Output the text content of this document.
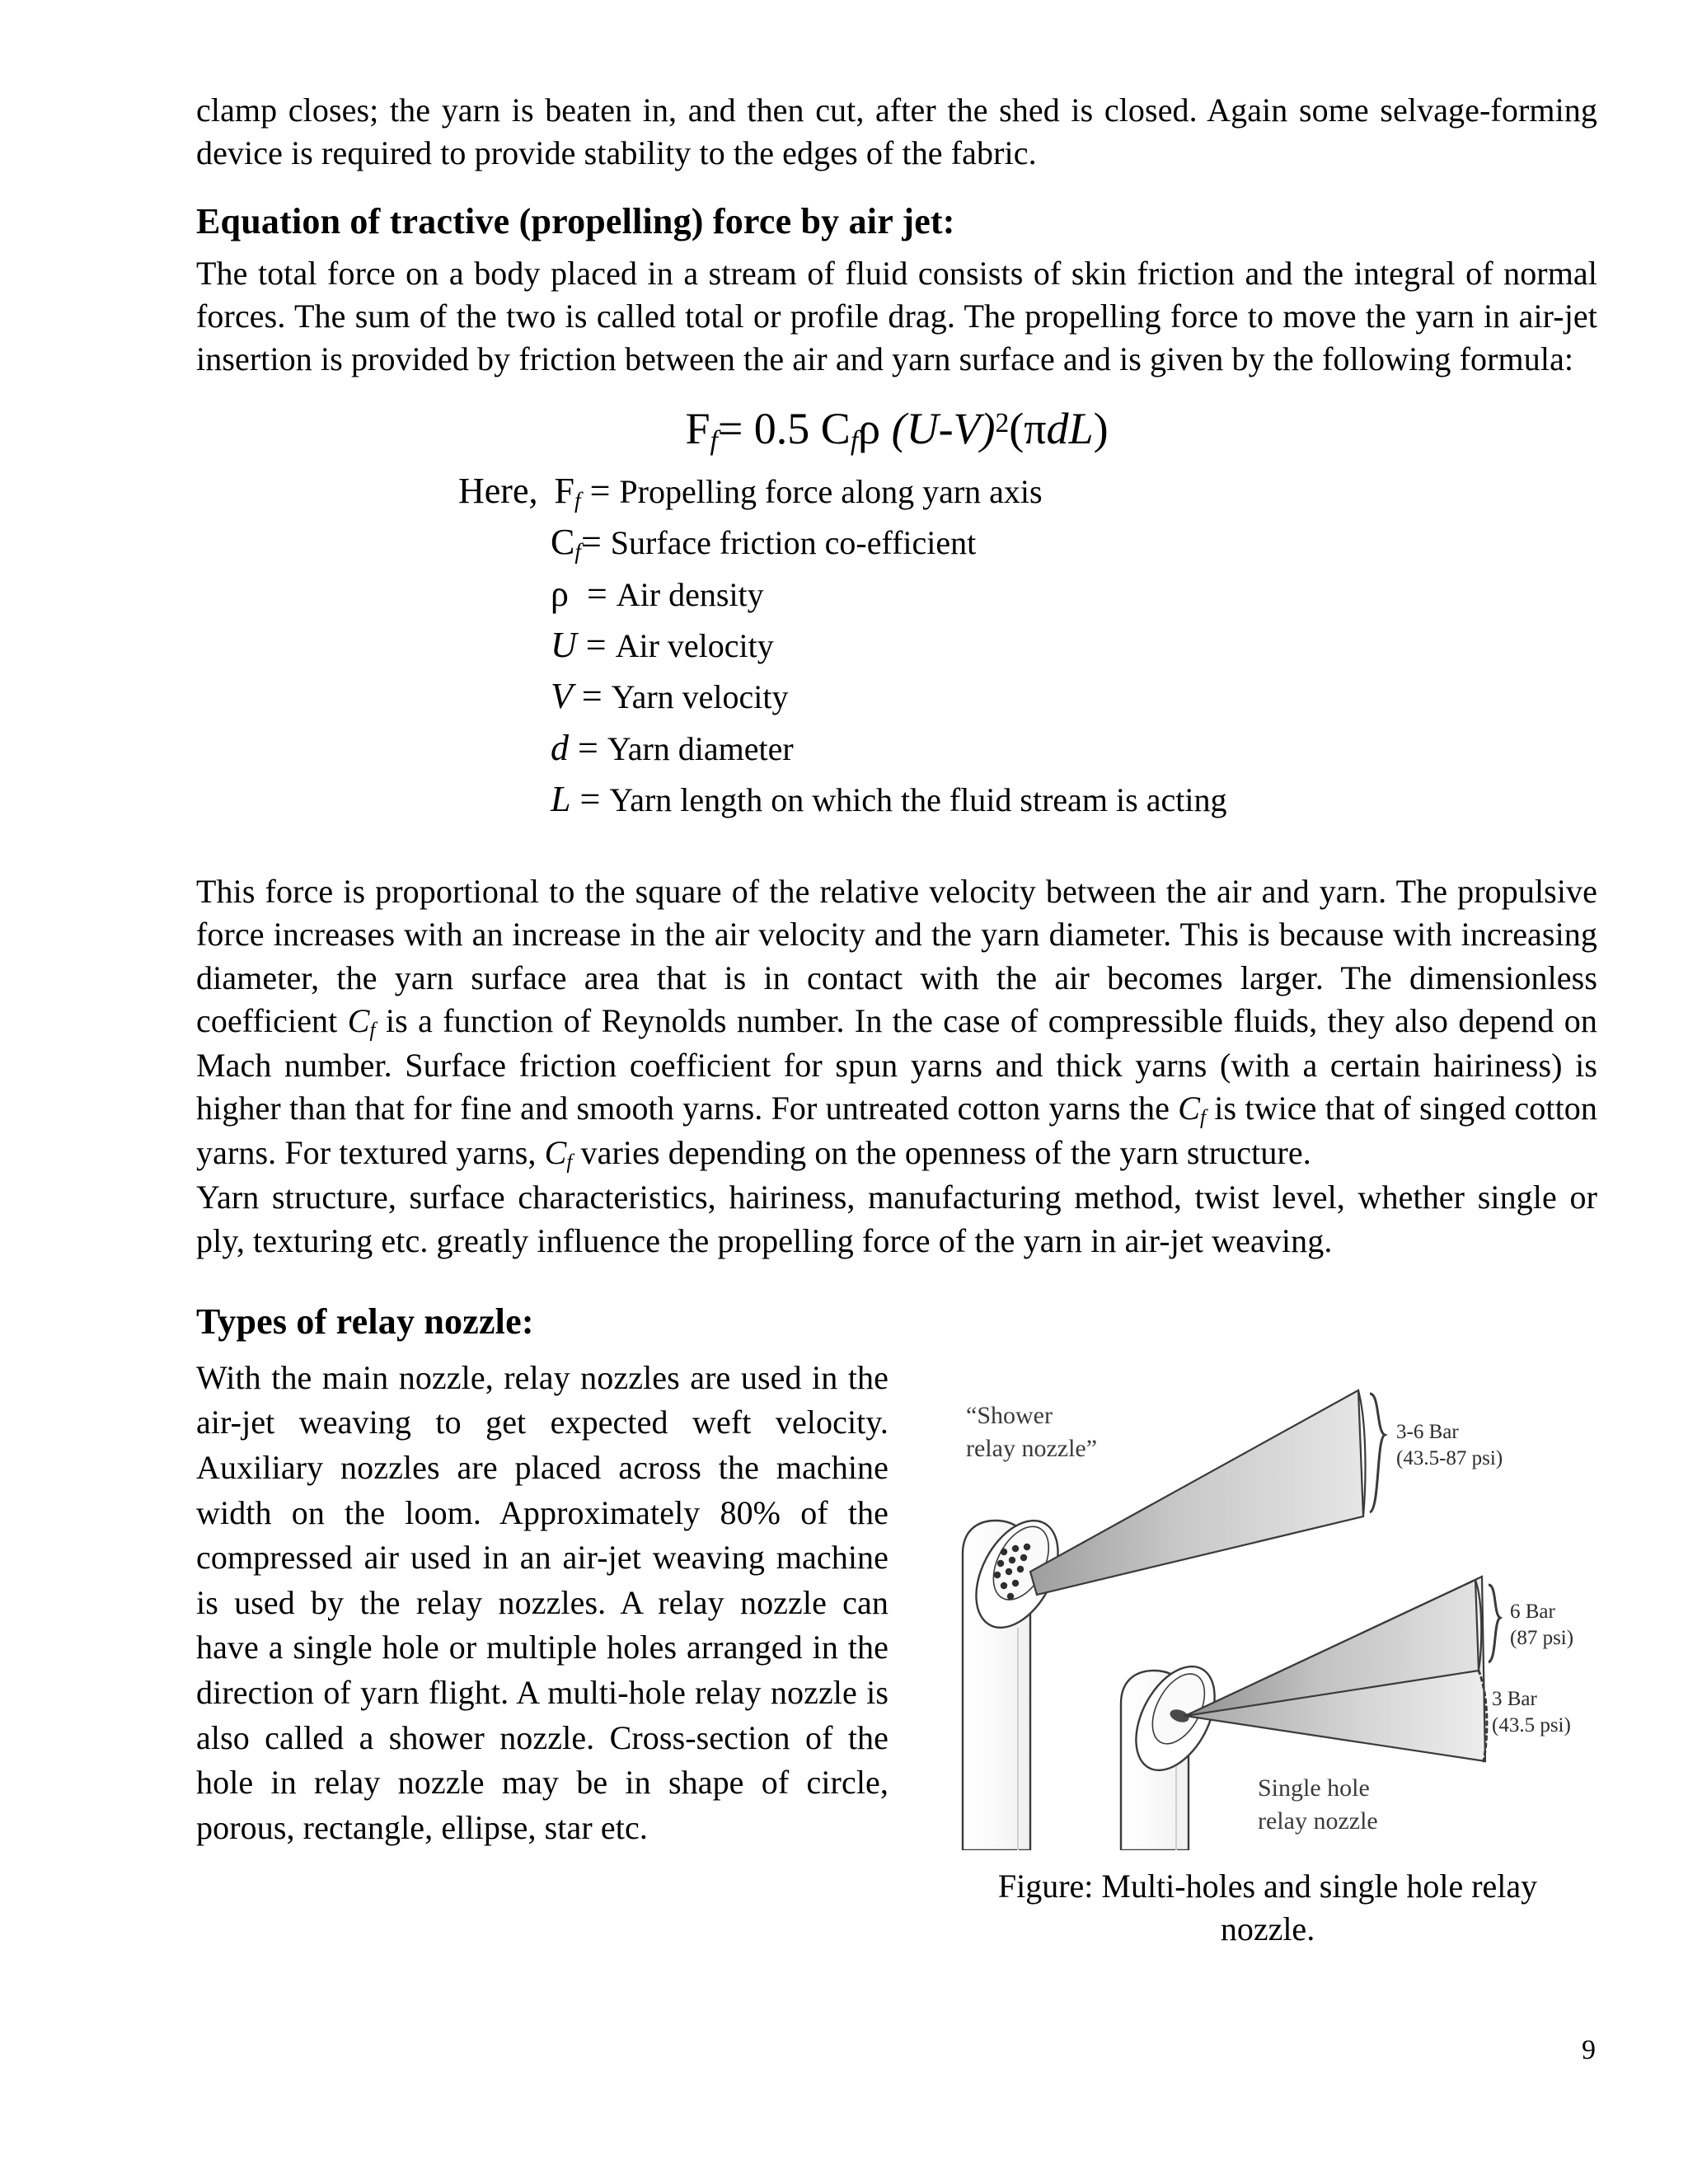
clamp closes; the yarn is beaten in, and then cut, after the shed is closed. Again some selvage-forming device is required to provide stability to the edges of the fabric.

Equation of tractive (propelling) force by air jet:

The total force on a body placed in a stream of fluid consists of skin friction and the integral of normal forces. The sum of the two is called total or profile drag. The propelling force to move the yarn in air-jet insertion is provided by friction between the air and yarn surface and is given by the following formula:

$F_f= 0.5$ $C_f\rho$ $(U-V)^2(\pi dL)$
Here, $F_f$ = Propelling force along yarn axis
$C_f=$ Surface friction co-efficient
ρ = Air density
U = Air velocity
V = Yarn velocity
d = Yarn diameter
L = Yarn length on which the fluid stream is acting

This force is proportional to the square of the relative velocity between the air and yarn. The propulsive force increases with an increase in the air velocity and the yarn diameter. This is because with increasing diameter, the yarn surface area that is in contact with the air becomes larger. The dimensionless coefficient $C_f$ is a function of Reynolds number. In the case of compressible fluids, they also depend on Mach number. Surface friction coefficient for spun yarns and thick yarns (with a certain hairiness) is higher than that for fine and smooth yarns. For untreated cotton yarns the $C_f$ is twice that of singed cotton yarns. For textured yarns, $C_f$ varies depending on the openness of the yarn structure.

Yarn structure, surface characteristics, hairiness, manufacturing method, twist level, whether single or ply, texturing etc. greatly influence the propelling force of the yarn in air-jet weaving.

Types of relay nozzle:

With the main nozzle, relay nozzles are used in the air-jet weaving to get expected weft velocity. Auxiliary nozzles are placed across the machine width on the loom. Approximately 80% of the compressed air used in an air-jet weaving machine is used by the relay nozzles. A relay nozzle can have a single hole or multiple holes arranged in the direction of yarn flight. A multi-hole relay nozzle is also called a shower nozzle. Cross-section of the hole in relay nozzle may be in shape of circle, porous, rectangle, ellipse, star etc.

3-6 Bar
(43.5-87 psi)
6 Bar
(87 psi)
3 Bar
(43.5 psi)
“Shower
relay nozzle”
Single hole
relay nozzle
Figure: Multi-holes and single hole relay nozzle.
9
